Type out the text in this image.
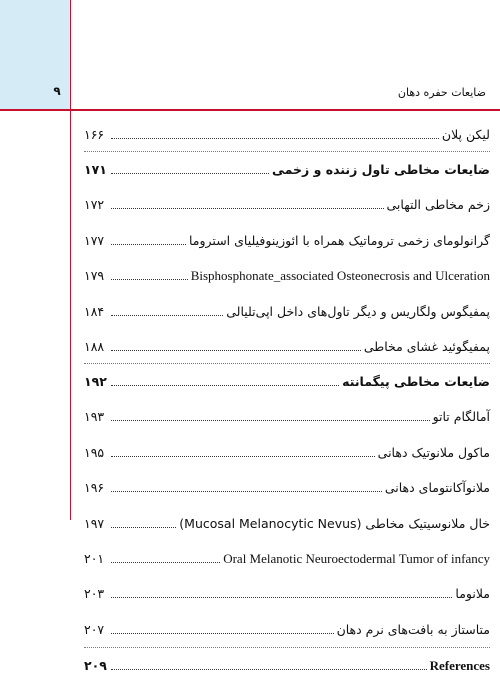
۹	ضایعات حفره دهان
۱۶۶	لیکن پلان
۱۷۱	ضایعات مخاطی تاول زننده و زخمی
۱۷۲	زخم مخاطی التهابی
۱۷۷	گرانولومای زخمی تروماتیک همراه با ائوزینوفیلیای استروما
۱۷۹	Bisphosphonate_associated Osteonecrosis and Ulceration
۱۸۴	پمفیگوس ولگاریس و دیگر تاول‌های داخل اپی‌تلیالی
۱۸۸	پمفیگوئید غشای مخاطی
۱۹۲	ضایعات مخاطی پیگمانته
۱۹۳	آمالگام تاتو
۱۹۵	ماکول ملانوتیک دهانی
۱۹۶	ملانوآکانتومای دهانی
۱۹۷	خال ملانوسیتیک مخاطی (Mucosal Melanocytic Nevus)
۲۰۱	Oral Melanotic Neuroectodermal Tumor of infancy
۲۰۳	ملانوما
۲۰۷	متاستاز به بافت‌های نرم دهان
۲۰۹	References
